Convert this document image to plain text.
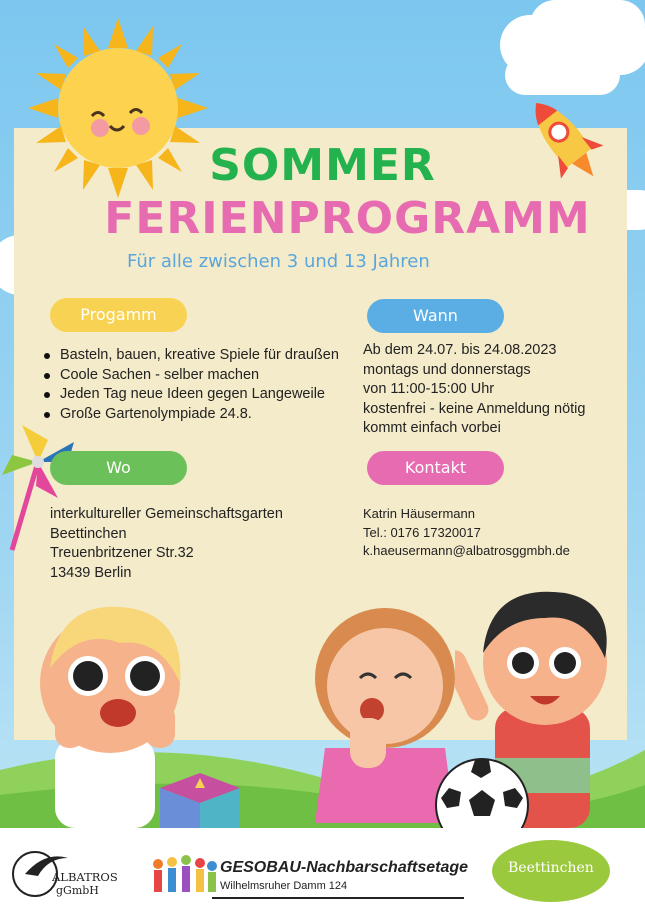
SOMMER
FERIENPROGRAMM
Für alle zwischen 3 und 13 Jahren
Progamm	Wann
Wo	Kontakt
Basteln, bauen, kreative Spiele für draußen
Coole Sachen - selber machen
Jeden Tag neue Ideen gegen Langeweile
Große Gartenolympiade 24.8.
Ab dem 24.07. bis 24.08.2023
montags und donnerstags
von 11:00-15:00 Uhr
kostenfrei - keine Anmeldung nötig
kommt einfach vorbei
interkultureller Gemeinschaftsgarten
Beettinchen
Treuenbritzener Str.32
13439 Berlin
Katrin Häusermann
Tel.: 0176 17320017
k.haeusermann@albatrosggmbh.de
ALBATROS
gGmbH
GESOBAU-Nachbarschaftsetage
Wilhelmsruher Damm 124
Beettinchen
